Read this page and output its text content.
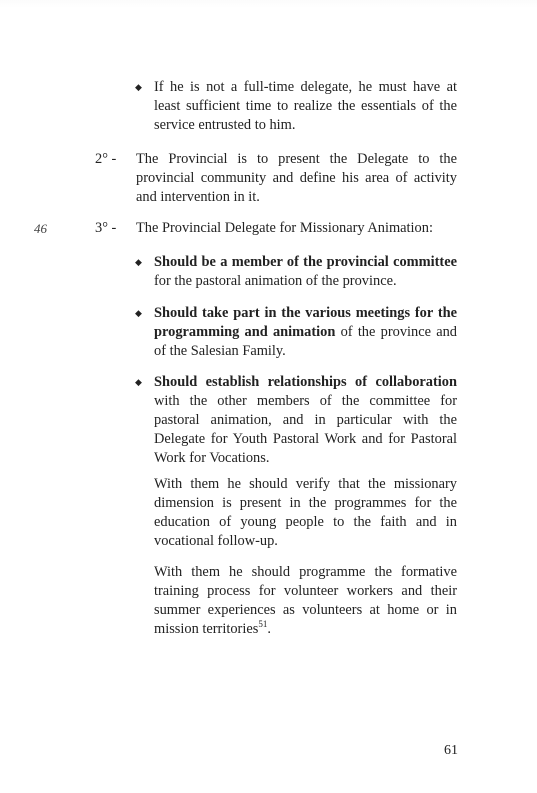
◆ If he is not a full-time delegate, he must have at least sufficient time to realize the essentials of the service entrusted to him.
2° -	The Provincial is to present the Delegate to the provincial community and define his area of activity and intervention in it.
46	3° -	The Provincial Delegate for Missionary Animation:
◆ Should be a member of the provincial committee for the pastoral animation of the province.
◆ Should take part in the various meetings for the programming and animation of the province and of the Salesian Family.
◆ Should establish relationships of collaboration with the other members of the committee for pastoral animation, and in particular with the Delegate for Youth Pastoral Work and for Pastoral Work for Vocations.
With them he should verify that the missionary dimension is present in the programmes for the education of young people to the faith and in vocational follow-up.
With them he should programme the formative training process for volunteer workers and their summer experiences as volunteers at home or in mission territories$^{51}$.
61
